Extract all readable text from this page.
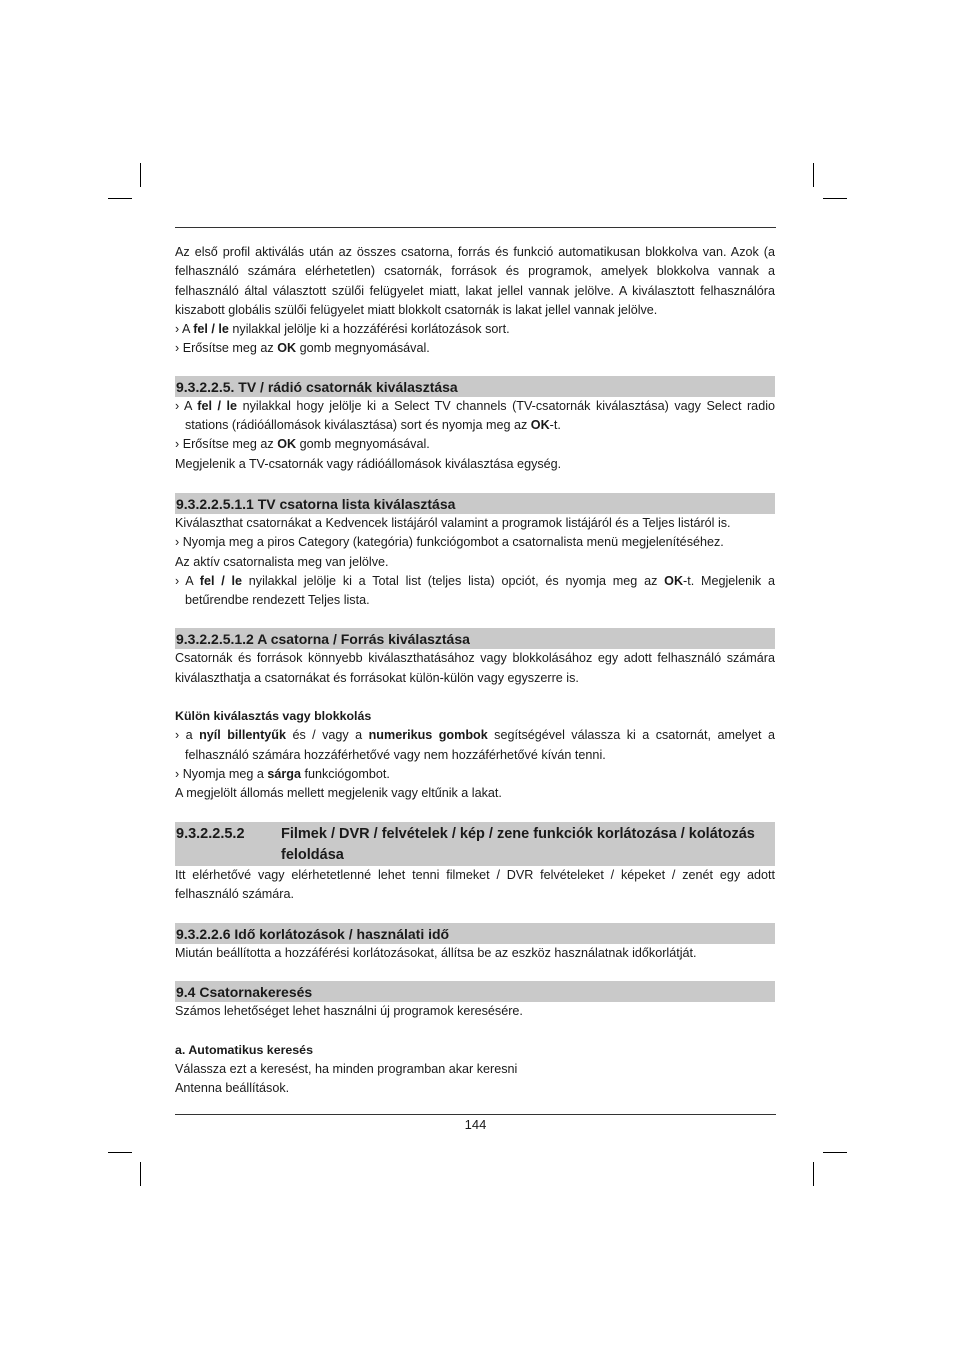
Az első profil aktiválás után az összes csatorna, forrás és funkció automatikusan blokkolva van. Azok (a felhasználó számára elérhetetlen) csatornák, források és programok, amelyek blokkolva vannak a felhasználó által választott szülői felügyelet miatt, lakat jellel vannak jelölve. A kiválasztott felhasználóra kiszabott globális szülői felügyelet miatt blokkolt csatornák is lakat jellel vannak jelölve.

› A fel / le nyilakkal jelölje ki a hozzáférési korlátozások sort.

› Erősítse meg az OK gomb megnyomásával.

9.3.2.2.5. TV / rádió csatornák kiválasztása

› A fel / le nyilakkal hogy jelölje ki a Select TV channels (TV-csatornák kiválasztása) vagy Select radio stations (rádióállomások kiválasztása) sort és nyomja meg az OK-t.

› Erősítse meg az OK gomb megnyomásával.

Megjelenik a TV-csatornák vagy rádióállomások kiválasztása egység.

9.3.2.2.5.1.1 TV csatorna lista kiválasztása

Kiválaszthat csatornákat a Kedvencek listájáról valamint a programok listájáról és a Teljes listáról is.

› Nyomja meg a piros Category (kategória) funkciógombot a csatornalista menü megjelenítéséhez.

Az aktív csatornalista meg van jelölve.

› A fel / le nyilakkal jelölje ki a Total list (teljes lista) opciót, és nyomja meg az OK-t. Megjelenik a betűrendbe rendezett Teljes lista.

9.3.2.2.5.1.2 A csatorna / Forrás kiválasztása

Csatornák és források könnyebb kiválaszthatásához vagy blokkolásához egy adott felhasználó számára kiválaszthatja a csatornákat és forrásokat külön-külön vagy egyszerre is.

Külön kiválasztás vagy blokkolás

› a nyíl billentyűk és / vagy a numerikus gombok segítségével válassza ki a csatornát, amelyet a felhasználó számára hozzáférhetővé vagy nem hozzáférhetővé kíván tenni.

› Nyomja meg a sárga funkciógombot.

A megjelölt állomás mellett megjelenik vagy eltűnik a lakat.

9.3.2.2.5.2	Filmek / DVR / felvételek / kép / zene funkciók korlátozása / kolátozás feloldása

Itt elérhetővé vagy elérhetetlenné lehet tenni filmeket / DVR felvételeket / képeket / zenét egy adott felhasználó számára.

9.3.2.2.6 Idő korlátozások / használati idő

Miután beállította a hozzáférési korlátozásokat, állítsa be az eszköz használatnak időkorlátját.

9.4 Csatornakeresés

Számos lehetőséget lehet használni új programok keresésére.

a. Automatikus keresés

Válassza ezt a keresést, ha minden programban akar keresni

Antenna beállítások.

144
